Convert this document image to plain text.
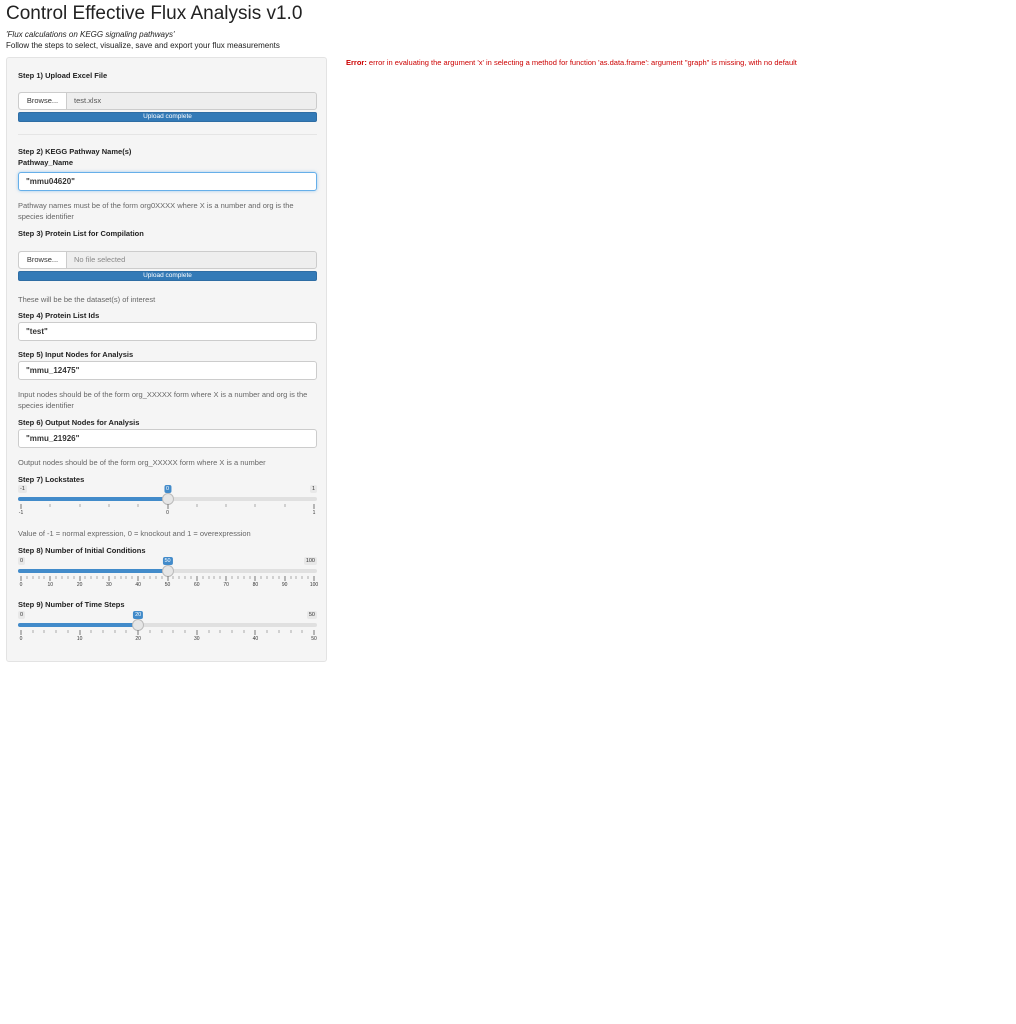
Control Effective Flux Analysis v1.0
'Flux calculations on KEGG signaling pathways'
Follow the steps to select, visualize, save and export your flux measurements
Step 1) Upload Excel File
Browse...	test.xlsx
Upload complete
Step 2) KEGG Pathway Name(s)
Pathway_Name
"mmu04620"
Pathway names must be of the form org0XXXX where X is a number and org is the species identifier
Step 3) Protein List for Compilation
Browse...	No file selected
Upload complete
These will be be the dataset(s) of interest
Step 4) Protein List Ids
"test"
Step 5) Input Nodes for Analysis
"mmu_12475"
Input nodes should be of the form org_XXXXX form where X is a number and org is the species identifier
Step 6) Output Nodes for Analysis
"mmu_21926"
Output nodes should be of the form org_XXXXX form where X is a number
Step 7) Lockstates
-1	1
0
-1	0	1
Value of -1 = normal expression, 0 = knockout and 1 = overexpression
Step 8) Number of Initial Conditions
0	100
50
0	10	20	30	40	50	60	70	80	90	100
Step 9) Number of Time Steps
0	50
20
0	10	20	30	40	50
Error: error in evaluating the argument 'x' in selecting a method for function 'as.data.frame': argument "graph" is missing, with no default
